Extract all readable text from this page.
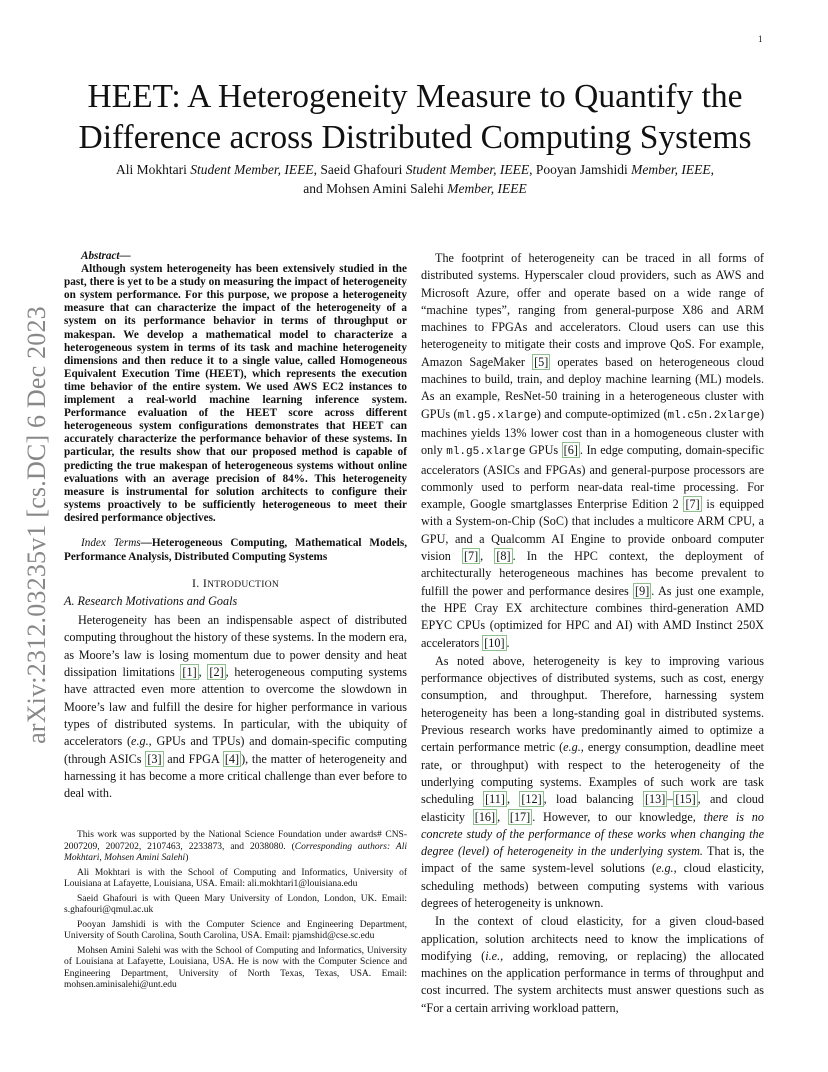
1
arXiv:2312.03235v1 [cs.DC] 6 Dec 2023
HEET: A Heterogeneity Measure to Quantify the Difference across Distributed Computing Systems

Ali Mokhtari Student Member, IEEE, Saeid Ghafouri Student Member, IEEE, Pooyan Jamshidi Member, IEEE,
and Mohsen Amini Salehi Member, IEEE

Abstract—
Although system heterogeneity has been extensively studied in the past, there is yet to be a study on measuring the impact of heterogeneity on system performance. For this purpose, we propose a heterogeneity measure that can characterize the impact of the heterogeneity of a system on its performance behavior in terms of throughput or makespan. We develop a mathematical model to characterize a heterogeneous system in terms of its task and machine heterogeneity dimensions and then reduce it to a single value, called Homogeneous Equivalent Execution Time (HEET), which represents the execution time behavior of the entire system. We used AWS EC2 instances to implement a real-world machine learning inference system. Performance evaluation of the HEET score across different heterogeneous system configurations demonstrates that HEET can accurately characterize the performance behavior of these systems. In particular, the results show that our proposed method is capable of predicting the true makespan of heterogeneous systems without online evaluations with an average precision of 84%. This heterogeneity measure is instrumental for solution architects to configure their systems proactively to be sufficiently heterogeneous to meet their desired performance objectives.

Index Terms—Heterogeneous Computing, Mathematical Models, Performance Analysis, Distributed Computing Systems

I. INTRODUCTION
A. Research Motivations and Goals

Heterogeneity has been an indispensable aspect of distributed computing throughout the history of these systems. In the modern era, as Moore’s law is losing momentum due to power density and heat dissipation limitations [1] , [2] , heterogeneous computing systems have attracted even more attention to overcome the slowdown in Moore’s law and fulfill the desire for higher performance in various types of distributed systems. In particular, with the ubiquity of accelerators (e.g., GPUs and TPUs) and domain-specific computing (through ASICs [3] and FPGA [4] ), the matter of heterogeneity and harnessing it has become a more critical challenge than ever before to deal with.

This work was supported by the National Science Foundation under awards# CNS-2007209, 2007202, 2107463, 2233873, and 2038080. (Corresponding authors: Ali Mokhtari, Mohsen Amini Salehi)

Ali Mokhtari is with the School of Computing and Informatics, University of Louisiana at Lafayette, Louisiana, USA. Email: ali.mokhtari1@louisiana.edu

Saeid Ghafouri is with Queen Mary University of London, London, UK. Email: s.ghafouri@qmul.ac.uk

Pooyan Jamshidi is with the Computer Science and Engineering Department, University of South Carolina, South Carolina, USA. Email: pjamshid@cse.sc.edu

Mohsen Amini Salehi was with the School of Computing and Informatics, University of Louisiana at Lafayette, Louisiana, USA. He is now with the Computer Science and Engineering Department, University of North Texas, Texas, USA. Email: mohsen.aminisalehi@unt.edu

The footprint of heterogeneity can be traced in all forms of distributed systems. Hyperscaler cloud providers, such as AWS and Microsoft Azure, offer and operate based on a wide range of “machine types”, ranging from general-purpose X86 and ARM machines to FPGAs and accelerators. Cloud users can use this heterogeneity to mitigate their costs and improve QoS. For example, Amazon SageMaker [5] operates based on heterogeneous cloud machines to build, train, and deploy machine learning (ML) models. As an example, ResNet-50 training in a heterogeneous cluster with GPUs (ml.g5.xlarge) and compute-optimized (ml.c5n.2xlarge) machines yields 13% lower cost than in a homogeneous cluster with only ml.g5.xlarge GPUs [6] . In edge computing, domain-specific accelerators (ASICs and FPGAs) and general-purpose processors are commonly used to perform near-data real-time processing. For example, Google smartglasses Enterprise Edition 2 [7] is equipped with a System-on-Chip (SoC) that includes a multicore ARM CPU, a GPU, and a Qualcomm AI Engine to provide onboard computer vision [7] , [8] . In the HPC context, the deployment of architecturally heterogeneous machines has become prevalent to fulfill the power and performance desires [9] . As just one example, the HPE Cray EX architecture combines third-generation AMD EPYC CPUs (optimized for HPC and AI) with AMD Instinct 250X accelerators [10] .

As noted above, heterogeneity is key to improving various performance objectives of distributed systems, such as cost, energy consumption, and throughput. Therefore, harnessing system heterogeneity has been a long-standing goal in distributed systems. Previous research works have predominantly aimed to optimize a certain performance metric (e.g., energy consumption, deadline meet rate, or throughput) with respect to the heterogeneity of the underlying computing systems. Examples of such work are task scheduling [11] , [12] , load balancing [13] – [15] , and cloud elasticity [16] , [17] . However, to our knowledge, there is no concrete study of the performance of these works when changing the degree (level) of heterogeneity in the underlying system. That is, the impact of the same system-level solutions (e.g., cloud elasticity, scheduling methods) between computing systems with various degrees of heterogeneity is unknown.

In the context of cloud elasticity, for a given cloud-based application, solution architects need to know the implications of modifying (i.e., adding, removing, or replacing) the allocated machines on the application performance in terms of throughput and cost incurred. The system architects must answer questions such as “For a certain arriving workload pattern,
